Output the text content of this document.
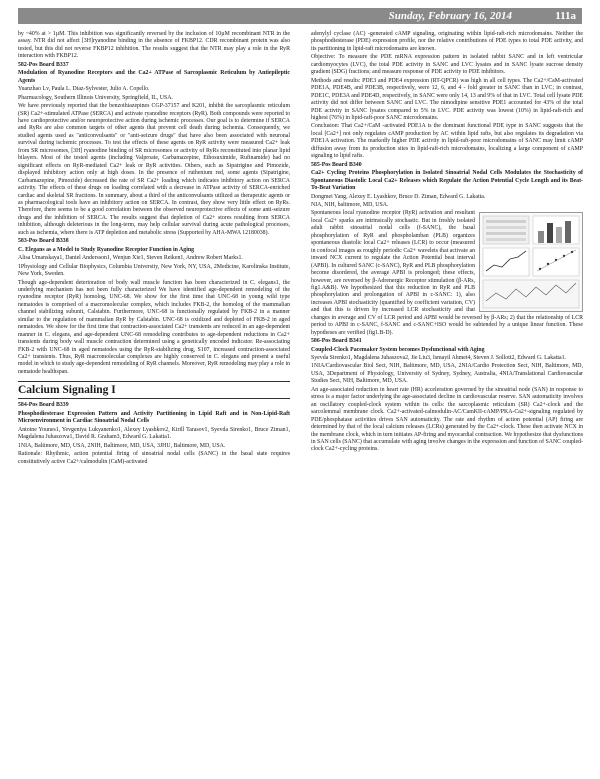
Sunday, February 16, 2014	111a

by ~40% at > 1µM. This inhibition was significantly reversed by the inclusion of 10µM recombinant NTR in the assay. NTR did not affect [3H]ryanodine binding in the absence of FKBP12. CDR recombinant protein was also tested, but this did not reverse FKBP12 inhibition. The results suggest that the NTR may play a role in the RyR interaction with FKBP12.

582-Pos Board B337

Modulation of Ryanodine Receptors and the Ca2+ ATPase of Sarcoplasmic Reticulum by Antiepileptic Agents

Yuanzhao Lv, Paula L. Diaz-Sylvester, Julio A. Copello.

Pharmacology, Southern Illinois University, Springfield, IL, USA.

We have previously reported that the benzothiazepines CGP-37157 and K201, inhibit the sarcoplasmic reticulum (SR) Ca2+-stimulated ATPase (SERCA) and activate ryanodine receptors (RyR). Both compounds were reported to have cardioprotective and/or neuroprotective action during ischemic processes. Our goal is to determine if SERCA and RyRs are also common targets of other agents that prevent cell death during ischemia. Consequently, we studied agents used as "anticonvulsants" or "anti-seizure drugs" that have also been associated with neuronal survival during ischemic processes. To test the effects of these agents on RyR activity were measured Ca2+ leak from SR microsomes, [3H] ryanodine binding of SR microsomes or activity of RyRs reconstituted into planar lipid bilayers. Most of the tested agents (including Valproate, Carbamazepine, Ethosuximide, Rufinamide) had no significant effects on RyR-mediated Ca2+ leak or RyR activities. Others, such as Sipatrigine and Pimozide, displayed inhibitory action only at high doses. In the presence of ruthenium red, some agents (Sipatrigine, Carbamazepine, Pimozide) decreased the rate of SR Ca2+ loading which indicates inhibitory action on SERCA activity. The effects of these drugs on loading correlated with a decrease in ATPase activity of SERCA-enriched cardiac and skeletal SR fractions. In summary, about a third of the anticonvulsants utilized as therapeutic agents or as pharmacological tools have an inhibitory action on SERCA. In contrast, they show very little effect on RyRs. Therefore, there seems to be a good correlation between the observed neuroprotective effects of some anti-seizure drugs and the inhibition of SERCA. The results suggest that depletion of Ca2+ stores resulting from SERCA inhibition, although deleterious in the long-term, may help cellular survival during acute pathological processes, such as ischemia, where there is ATP depletion and metabolic stress (Supported by AHA-MWA 12180038).

583-Pos Board B338

C. Elegans as a Model to Study Ryanodine Receptor Function in Aging

Alisa Umanskaya1, Daniel Andersson1, Wenjun Xie1, Steven Reiken1, Andrew Robert Marks1.

1Physiology and Cellular Biophysics, Columbia University, New York, NY, USA, 2Medicine, Karolinska Institute, New York, Sweden.

Though age-dependent deterioration of body wall muscle function has been characterized in C. elegans1, the underlying mechanism has not been fully characterized We have identified age-dependent remodeling of the ryanodine receptor (RyR) homolog, UNC-68. We show for the first time that UNC-68 in young wild type nematodes is comprised of a macromolecular complex, which includes FKB-2, the homolog of the mammalian channel stabilizing subunit, Calstabin. Furthermore, UNC-68 is functionally regulated by FKB-2 in a manner similar to the regulation of mammalian RyR by Calstabin. UNC-68 is oxidized and depleted of FKB-2 in aged nematodes. We show for the first time that contraction-associated Ca2+ transients are reduced in an age-dependent manner in C. elegans, and age-dependent UNC-68 remodeling contributes to age-dependent reductions in Ca2+ transients during body wall muscle contraction determined using a genetically encoded indicator. Re-associating FKB-2 with UNC-68 in aged nematodes using the RyR-stabilizing drug, S107, increased contraction-associated Ca2+ transients. Thus, RyR macromolecular complexes are highly conserved in C. elegans and present a useful model in which to study age-dependent remodeling of RyR channels. Moreover, RyR remodeling may play a role in nematode healthspan.

Calcium Signaling I

584-Pos Board B339

Phosphodiesterase Expression Pattern and Activity Partitioning in Lipid Raft and in Non-Lipid-Raft Microenvironment in Cardiac Sinoatrial Nodal Cells

Antoine Younes1, Yevgeniya Lukyanenko1, Alexey Lyashkov2, Kirill Tarasov1, Syevda Sirenko1, Bruce Ziman1, Magdalena Juhaszova1, David R. Graham3, Edward G. Lakatta1.

1NIA, Baltimore, MD, USA, 2NIH, Baltimore, MD, USA, 3JHU, Baltimore, MD, USA.

Rationale: Rhythmic, action potential firing of sinoatrial nodal cells (SANC) in the basal state requires constitutively active Ca2+/calmodulin (CaM)-activated

adenylyl cyclase (AC) -generated cAMP signaling, originating within lipid-raft-rich microdomains. Neither the phosphodiesterase (PDE) expression profile, nor the relative contributions of PDE types to total PDE activity, and its partitioning in lipid-raft microdomains are known.

Objective: To measure the PDE mRNA expression pattern in isolated rabbit SANC and in left ventricular cardiomyocytes (LVC), the total PDE activity in SANC and LVC lysates and in SANC lysate sucrose density gradient (SDG) fractions; and measure response of PDE activity to PDE inhibitors.

Methods and results: PDE3 and PDE4 expression (RT-QPCR) was high in all cell types. The Ca2+/CaM-activated PDE1A, PDE4B, and PDE3B, respectively, were 12, 6, and 4 - fold greater in SANC than in LVC; in contrast, PDE1C, PDE3A and PDE4D, respectively, in SANC were only 14, 13 and 9% of that in LVC. Total cell lysate PDE activity did not differ between SANC and LVC. The nimodipine sensitive PDE1 accounted for 43% of the total PDE activity in SANC lysates compared to 5% in LVC. PDE activity was lowest (10%) in lipid-raft-rich and highest (76%) in lipid-raft-poor SANC microdomains.

Conclusion: That Ca2+/CaM -activated PDE1A is the dominant functional PDE type in SANC suggests that the local [Ca2+] not only regulates cAMP production by AC within lipid rafts, but also regulates its degradation via PDE1A activation. The markedly higher PDE activity in lipid-raft-poor microdomains of SANC may limit cAMP diffusion away from its production sites in lipid-raft-rich microdomains, localizing a large component of cAMP signaling to lipid rafts.

585-Pos Board B340

Ca2+ Cycling Proteins Phosphorylation in Isolated Sinoatrial Nodal Cells Modulates the Stochasticity of Spontaneous Diastolic Local Ca2+ Releases which Regulate the Action Potential Cycle Length and its Beat-To-Beat Variation

Dongmei Yang, Alexey E. Lyashkov, Bruce D. Ziman, Edward G. Lakatta.

NIA, NIH, baltimore, MD, USA.

Spontaneous local ryanodine receptor (RyR) activation and resultant local Ca2+ sparks are intrinsically stochastic. But in freshly isolated adult rabbit sinoatrial nodal cells (f-SANC), the basal phosphorylation of RyR and phospholamban (PLB) organizes spontaneous diastolic local Ca2+ releases (LCR) to occur (measured in confocal images as roughly periodic Ca2+ wavelets that activate an inward NCX current to regulate the Action Potential beat interval (APBI). In cultured SANC (c-SANC), RyR and PLB phosphorylation become disordered, the average APBI is prolonged; these effects, however, are reversed by β-Adrenergic Receptor stimulation (β-ARs, fig1.A&B). We hypothesized that this reduction in RyR and PLB phosphorylation and prolongation of APBI in c-SANC: 1), also increases APBI stochasticity (quantified by coefficient variation, CV) and that this is driven by increased LCR stochasticity and that changes in average and CV of LCR period and APBI would be reversed by β-ARs; 2) that the relationship of LCR period to APBI in c-SANC, f-SANC and c-SANC+ISO would be subtended by a unique linear function. These hypotheses are verified (fig1.B-D).

586-Pos Board B341

Coupled-Clock Pacemaker System becomes Dysfunctional with Aging

Syevda Sirenko1, Magdalena Juhaszova2, Jie Liu3, Ismayil Ahmet4, Steven J. Sollott2, Edward G. Lakatta1.

1NIA/Cardiovascular Biol Sect, NIH, Baltimore, MD, USA, 2NIA/Cardio Protection Sect, NIH, Baltimore, MD, USA, 3Department of Physiology, University of Sydney, Sydney, Australia, 4NIA/Translational Cardiovascular Studies Sect, NIH, Baltimore, MD, USA.

An age-associated reduction in heart rate (HR) acceleration governed by the sinoatrial node (SAN) in response to stress is a major factor underlying the age-associated decline in cardiovascular reserve. SAN automaticity involves an oscillatory coupled-clock system within its cells: the sarcoplasmic reticulum (SR) Ca2+-clock and the sarcolemmal membrane clock. Ca2+-activated-calmodulin-AC/CamKII-cAMP/PKA-Ca2+-signaling regulated by PDE/phosphatase activities drives SAN automaticity. The rate and rhythm of action potential (AP) firing are determined by that of the local calcium releases (LCRs) generated by the Ca2+-clock. These then activate NCX in the membrane clock, which in turn initiates AP-firing and myocardial contraction. We hypothesize that dysfunctions in SAN cells (SANC) that accumulate with aging involve changes in the expression and function of SANC coupled-clock Ca2+-cycling proteins.
